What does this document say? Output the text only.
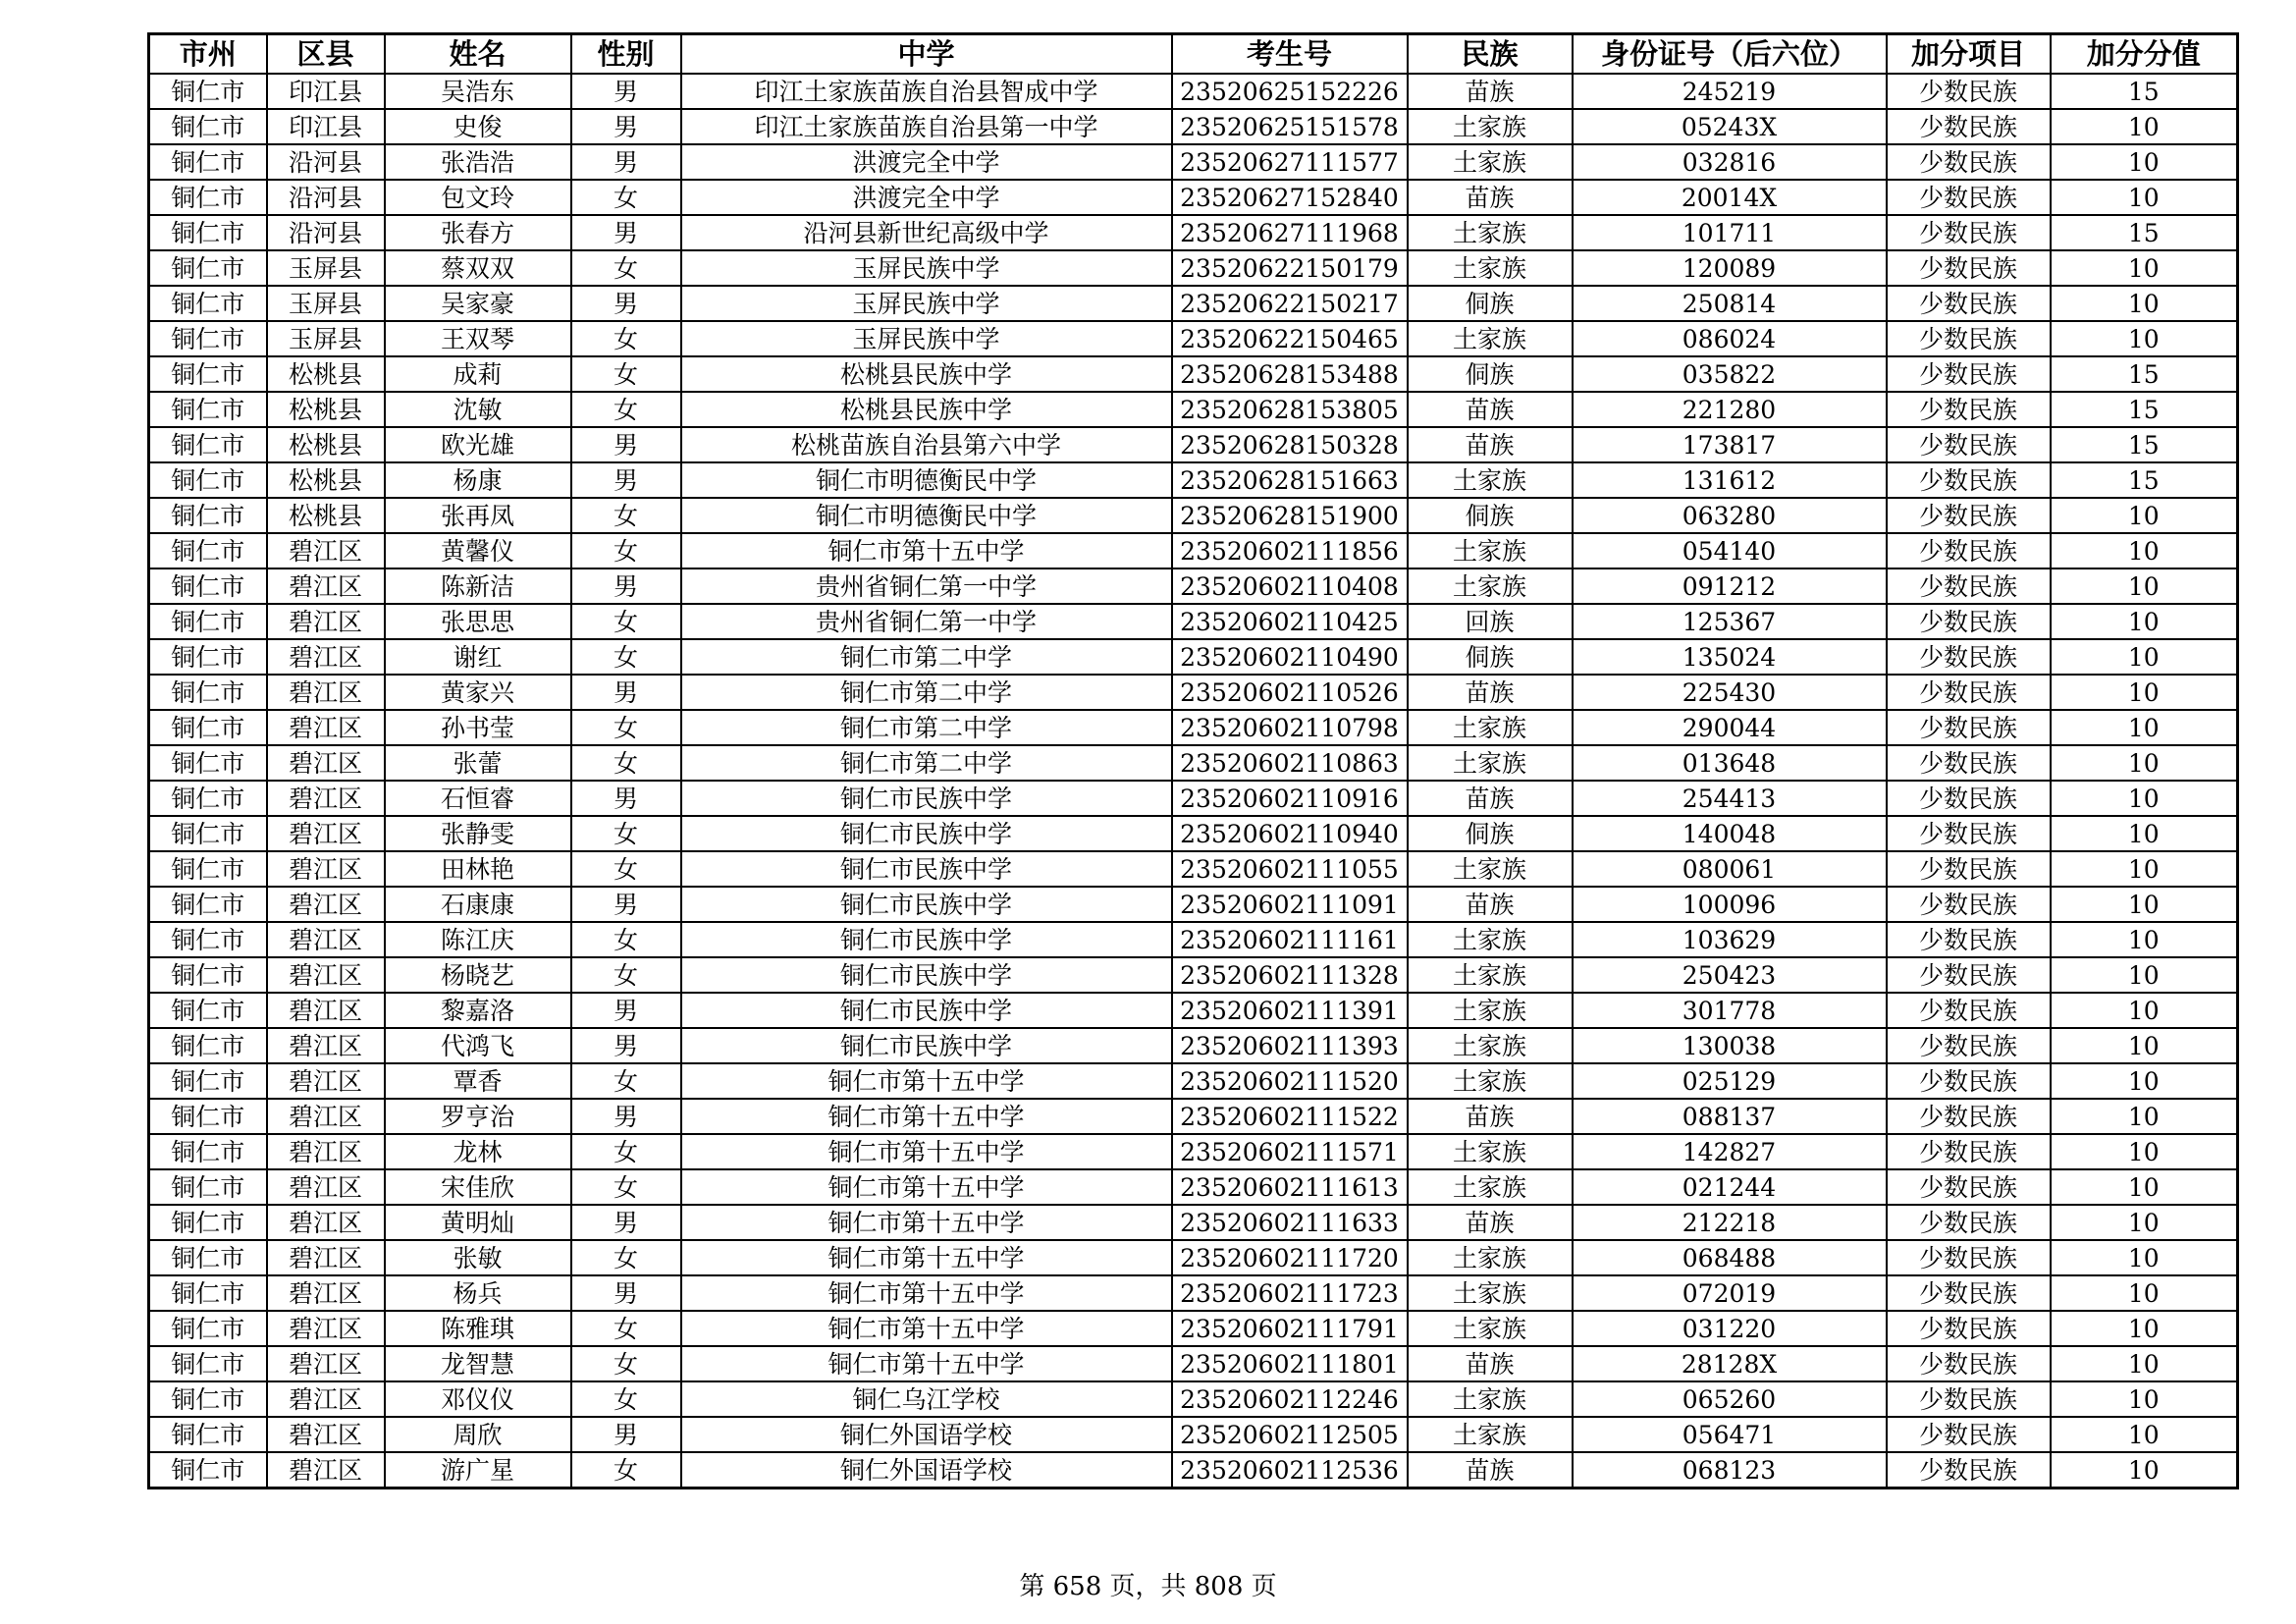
市州	区县	姓名	性别	中学	考生号	民族	身份证号（后六位）	加分项目	加分分值
铜仁市	印江县	吴浩东	男	印江土家族苗族自治县智成中学	23520625152226	苗族	245219	少数民族	15
铜仁市	印江县	史俊	男	印江土家族苗族自治县第一中学	23520625151578	土家族	05243X	少数民族	10
铜仁市	沿河县	张浩浩	男	洪渡完全中学	23520627111577	土家族	032816	少数民族	10
铜仁市	沿河县	包文玲	女	洪渡完全中学	23520627152840	苗族	20014X	少数民族	10
铜仁市	沿河县	张春方	男	沿河县新世纪高级中学	23520627111968	土家族	101711	少数民族	15
铜仁市	玉屏县	蔡双双	女	玉屏民族中学	23520622150179	土家族	120089	少数民族	10
铜仁市	玉屏县	吴家豪	男	玉屏民族中学	23520622150217	侗族	250814	少数民族	10
铜仁市	玉屏县	王双琴	女	玉屏民族中学	23520622150465	土家族	086024	少数民族	10
铜仁市	松桃县	成莉	女	松桃县民族中学	23520628153488	侗族	035822	少数民族	15
铜仁市	松桃县	沈敏	女	松桃县民族中学	23520628153805	苗族	221280	少数民族	15
铜仁市	松桃县	欧光雄	男	松桃苗族自治县第六中学	23520628150328	苗族	173817	少数民族	15
铜仁市	松桃县	杨康	男	铜仁市明德衡民中学	23520628151663	土家族	131612	少数民族	15
铜仁市	松桃县	张再凤	女	铜仁市明德衡民中学	23520628151900	侗族	063280	少数民族	10
铜仁市	碧江区	黄馨仪	女	铜仁市第十五中学	23520602111856	土家族	054140	少数民族	10
铜仁市	碧江区	陈新洁	男	贵州省铜仁第一中学	23520602110408	土家族	091212	少数民族	10
铜仁市	碧江区	张思思	女	贵州省铜仁第一中学	23520602110425	回族	125367	少数民族	10
铜仁市	碧江区	谢红	女	铜仁市第二中学	23520602110490	侗族	135024	少数民族	10
铜仁市	碧江区	黄家兴	男	铜仁市第二中学	23520602110526	苗族	225430	少数民族	10
铜仁市	碧江区	孙书莹	女	铜仁市第二中学	23520602110798	土家族	290044	少数民族	10
铜仁市	碧江区	张蕾	女	铜仁市第二中学	23520602110863	土家族	013648	少数民族	10
铜仁市	碧江区	石恒睿	男	铜仁市民族中学	23520602110916	苗族	254413	少数民族	10
铜仁市	碧江区	张静雯	女	铜仁市民族中学	23520602110940	侗族	140048	少数民族	10
铜仁市	碧江区	田林艳	女	铜仁市民族中学	23520602111055	土家族	080061	少数民族	10
铜仁市	碧江区	石康康	男	铜仁市民族中学	23520602111091	苗族	100096	少数民族	10
铜仁市	碧江区	陈江庆	女	铜仁市民族中学	23520602111161	土家族	103629	少数民族	10
铜仁市	碧江区	杨晓艺	女	铜仁市民族中学	23520602111328	土家族	250423	少数民族	10
铜仁市	碧江区	黎嘉洛	男	铜仁市民族中学	23520602111391	土家族	301778	少数民族	10
铜仁市	碧江区	代鸿飞	男	铜仁市民族中学	23520602111393	土家族	130038	少数民族	10
铜仁市	碧江区	覃香	女	铜仁市第十五中学	23520602111520	土家族	025129	少数民族	10
铜仁市	碧江区	罗亨治	男	铜仁市第十五中学	23520602111522	苗族	088137	少数民族	10
铜仁市	碧江区	龙林	女	铜仁市第十五中学	23520602111571	土家族	142827	少数民族	10
铜仁市	碧江区	宋佳欣	女	铜仁市第十五中学	23520602111613	土家族	021244	少数民族	10
铜仁市	碧江区	黄明灿	男	铜仁市第十五中学	23520602111633	苗族	212218	少数民族	10
铜仁市	碧江区	张敏	女	铜仁市第十五中学	23520602111720	土家族	068488	少数民族	10
铜仁市	碧江区	杨兵	男	铜仁市第十五中学	23520602111723	土家族	072019	少数民族	10
铜仁市	碧江区	陈雅琪	女	铜仁市第十五中学	23520602111791	土家族	031220	少数民族	10
铜仁市	碧江区	龙智慧	女	铜仁市第十五中学	23520602111801	苗族	28128X	少数民族	10
铜仁市	碧江区	邓仪仪	女	铜仁乌江学校	23520602112246	土家族	065260	少数民族	10
铜仁市	碧江区	周欣	男	铜仁外国语学校	23520602112505	土家族	056471	少数民族	10
铜仁市	碧江区	游广星	女	铜仁外国语学校	23520602112536	苗族	068123	少数民族	10
第 658 页，共 808 页
